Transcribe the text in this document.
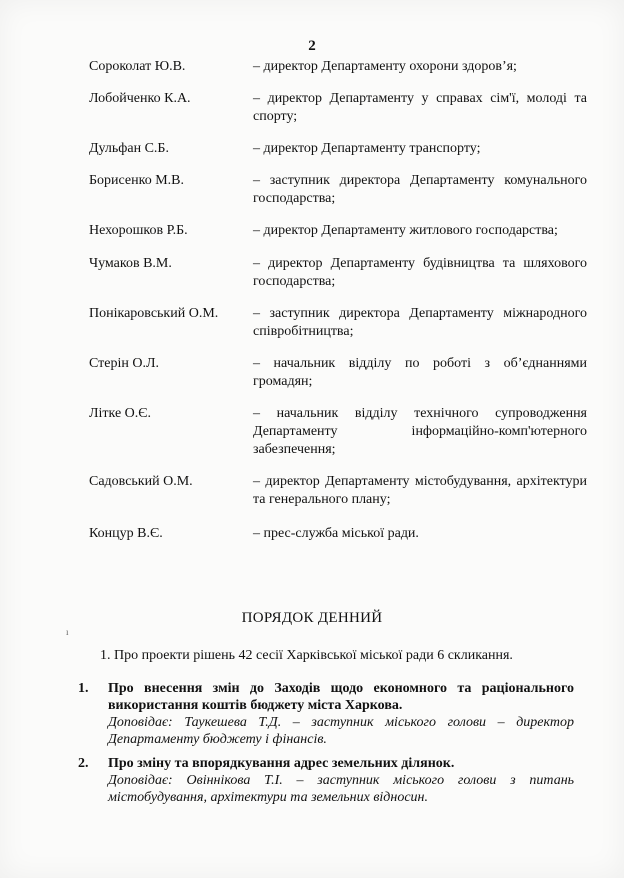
2
Сороколат Ю.В.	– директор Департаменту охорони здоров’я;
Лобойченко К.А.	– директор Департаменту у справах сім'ї, молоді та спорту;
Дульфан С.Б.	– директор Департаменту транспорту;
Борисенко М.В.	– заступник директора Департаменту комунального господарства;
Нехорошков Р.Б.	– директор Департаменту житлового господарства;
Чумаков В.М.	– директор Департаменту будівництва та шляхового господарства;
Понікаровський О.М.	– заступник директора Департаменту міжнародного співробітництва;
Стерін О.Л.	– начальник відділу по роботі з об’єднаннями громадян;
Літке О.Є.	– начальник відділу технічного супроводження Департаменту інформаційно-комп'ютерного забезпечення;
Садовський О.М.	– директор Департаменту містобудування, архітектури та генерального плану;
Концур В.Є.	– прес-служба міської ради.
ı
ПОРЯДОК ДЕННИЙ
1. Про проекти рішень 42 сесії Харківської міської ради 6 скликання.
1. Про внесення змін до Заходів щодо економного та раціонального використання коштів бюджету міста Харкова.
Доповідає: Таукешева Т.Д. – заступник міського голови – директор Департаменту бюджету і фінансів.
2. Про зміну та впорядкування адрес земельних ділянок.
Доповідає: Овіннікова Т.І. – заступник міського голови з питань містобудування, архітектури та земельних відносин.
